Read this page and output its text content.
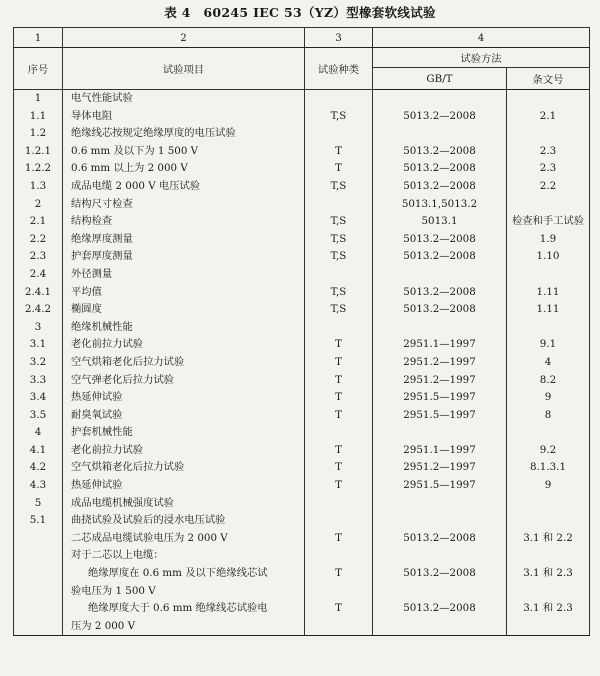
表 4　60245 IEC 53（YZ）型橡套软线试验
1	2	3	4	
序号	试验项目	试验种类	试验方法	
			GB/T	条文号
1	电气性能试验			
1.1	导体电阻	T,S	5013.2—2008	2.1
1.2	绝缘线芯按规定绝缘厚度的电压试验			
1.2.1	0.6 mm 及以下为 1 500 V	T	5013.2—2008	2.3
1.2.2	0.6 mm 以上为 2 000 V	T	5013.2—2008	2.3
1.3	成品电缆 2 000 V 电压试验	T,S	5013.2—2008	2.2
2	结构尺寸检查		5013.1,5013.2	
2.1	结构检查	T,S	5013.1	检查和手工试验
2.2	绝缘厚度测量	T,S	5013.2—2008	1.9
2.3	护套厚度测量	T,S	5013.2—2008	1.10
2.4	外径测量			
2.4.1	平均值	T,S	5013.2—2008	1.11
2.4.2	椭圆度	T,S	5013.2—2008	1.11
3	绝缘机械性能			
3.1	老化前拉力试验	T	2951.1—1997	9.1
3.2	空气烘箱老化后拉力试验	T	2951.2—1997	4
3.3	空气弹老化后拉力试验	T	2951.2—1997	8.2
3.4	热延伸试验	T	2951.5—1997	9
3.5	耐臭氧试验	T	2951.5—1997	8
4	护套机械性能			
4.1	老化前拉力试验	T	2951.1—1997	9.2
4.2	空气烘箱老化后拉力试验	T	2951.2—1997	8.1.3.1
4.3	热延伸试验	T	2951.5—1997	9
5	成品电缆机械强度试验			
5.1	曲挠试验及试验后的浸水电压试验			
	二芯成品电缆试验电压为 2 000 V	T	5013.2—2008	3.1 和 2.2
	对于二芯以上电缆：			
	绝缘厚度在 0.6 mm 及以下绝缘线芯试	T	5013.2—2008	3.1 和 2.3
	验电压为 1 500 V			
	绝缘厚度大于 0.6 mm 绝缘线芯试验电	T	5013.2—2008	3.1 和 2.3
	压为 2 000 V			
